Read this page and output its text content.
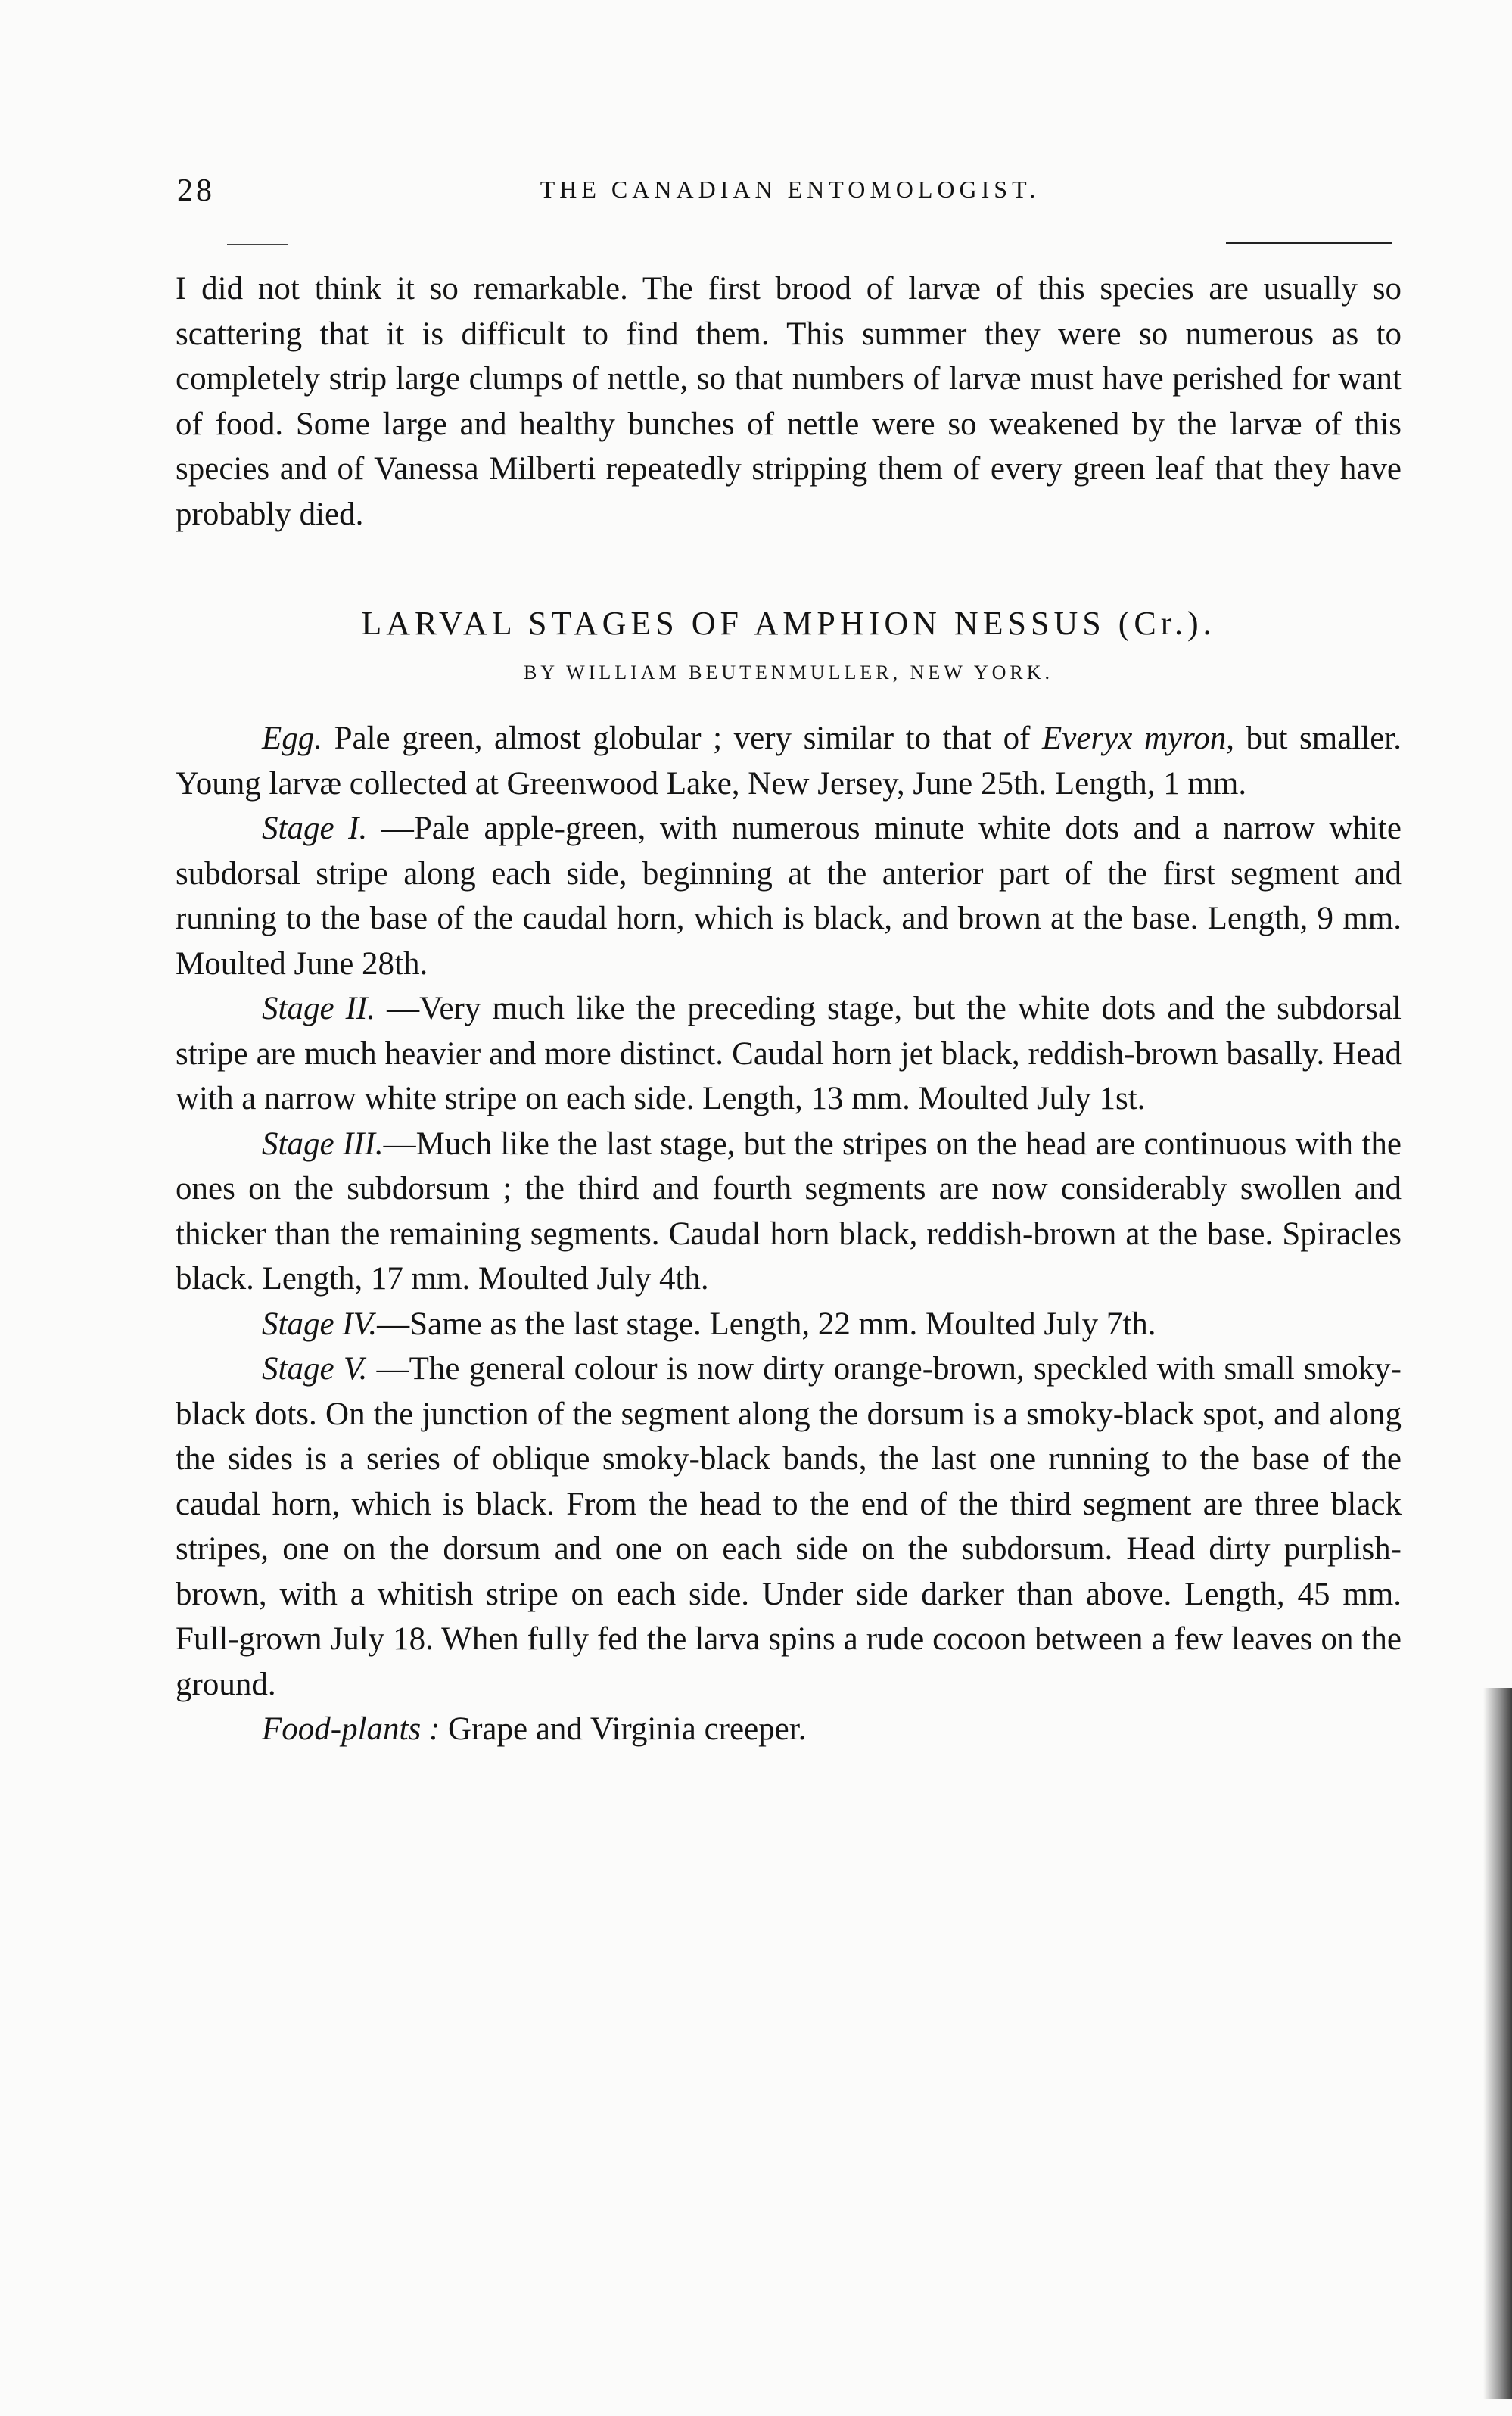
28	THE CANADIAN ENTOMOLOGIST.

I did not think it so remarkable. The first brood of larvæ of this species are usually so scattering that it is difficult to find them. This summer they were so numerous as to completely strip large clumps of nettle, so that numbers of larvæ must have perished for want of food. Some large and healthy bunches of nettle were so weakened by the larvæ of this species and of Vanessa Milberti repeatedly stripping them of every green leaf that they have probably died.

LARVAL STAGES OF AMPHION NESSUS (Cr.).
BY WILLIAM BEUTENMULLER, NEW YORK.

Egg. Pale green, almost globular ; very similar to that of Everyx myron, but smaller. Young larvæ collected at Greenwood Lake, New Jersey, June 25th. Length, 1 mm.

Stage I. —Pale apple-green, with numerous minute white dots and a narrow white subdorsal stripe along each side, beginning at the anterior part of the first segment and running to the base of the caudal horn, which is black, and brown at the base. Length, 9 mm. Moulted June 28th.

Stage II. —Very much like the preceding stage, but the white dots and the subdorsal stripe are much heavier and more distinct. Caudal horn jet black, reddish-brown basally. Head with a narrow white stripe on each side. Length, 13 mm. Moulted July 1st.

Stage III.—Much like the last stage, but the stripes on the head are continuous with the ones on the subdorsum ; the third and fourth segments are now considerably swollen and thicker than the remaining segments. Caudal horn black, reddish-brown at the base. Spiracles black. Length, 17 mm. Moulted July 4th.

Stage IV.—Same as the last stage. Length, 22 mm. Moulted July 7th.

Stage V. —The general colour is now dirty orange-brown, speckled with small smoky-black dots. On the junction of the segment along the dorsum is a smoky-black spot, and along the sides is a series of oblique smoky-black bands, the last one running to the base of the caudal horn, which is black. From the head to the end of the third segment are three black stripes, one on the dorsum and one on each side on the subdorsum. Head dirty purplish-brown, with a whitish stripe on each side. Under side darker than above. Length, 45 mm. Full-grown July 18. When fully fed the larva spins a rude cocoon between a few leaves on the ground.

Food-plants : Grape and Virginia creeper.
